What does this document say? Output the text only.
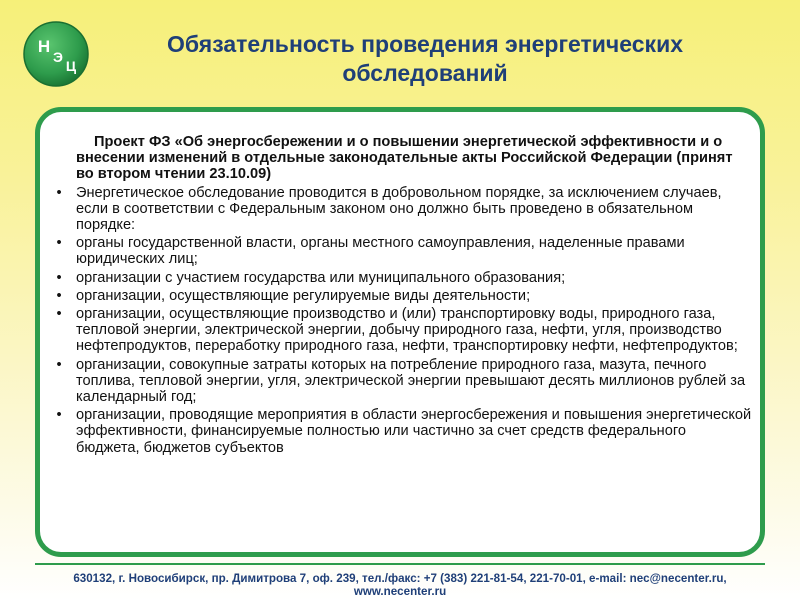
Н
Э
Ц
Обязательность проведения энергетических обследований
Проект ФЗ «Об энергосбережении и о повышении энергетической эффективности и о внесении изменений в отдельные законодательные акты Российской Федерации (принят во втором чтении 23.10.09)
• Энергетическое обследование проводится в добровольном порядке, за исключением случаев, если в соответствии с Федеральным законом оно должно быть проведено в обязательном порядке:
• органы государственной власти, органы местного самоуправления, наделенные правами юридических лиц;
• организации с участием государства или муниципального образования;
• организации, осуществляющие регулируемые виды деятельности;
• организации, осуществляющие производство и (или) транспортировку воды, природного газа, тепловой энергии, электрической энергии, добычу природного газа, нефти, угля, производство нефтепродуктов, переработку природного газа, нефти, транспортировку нефти, нефтепродуктов;
• организации, совокупные затраты которых на потребление природного газа, мазута, печного топлива, тепловой энергии, угля, электрической энергии превышают десять миллионов рублей за календарный год;
• организации, проводящие мероприятия в области энергосбережения и повышения энергетической эффективности, финансируемые полностью или частично за счет средств федерального бюджета, бюджетов субъектов
630132, г. Новосибирск, пр. Димитрова 7, оф. 239, тел./факс: +7 (383) 221-81-54, 221-70-01, e-mail: nec@necenter.ru, www.necenter.ru
